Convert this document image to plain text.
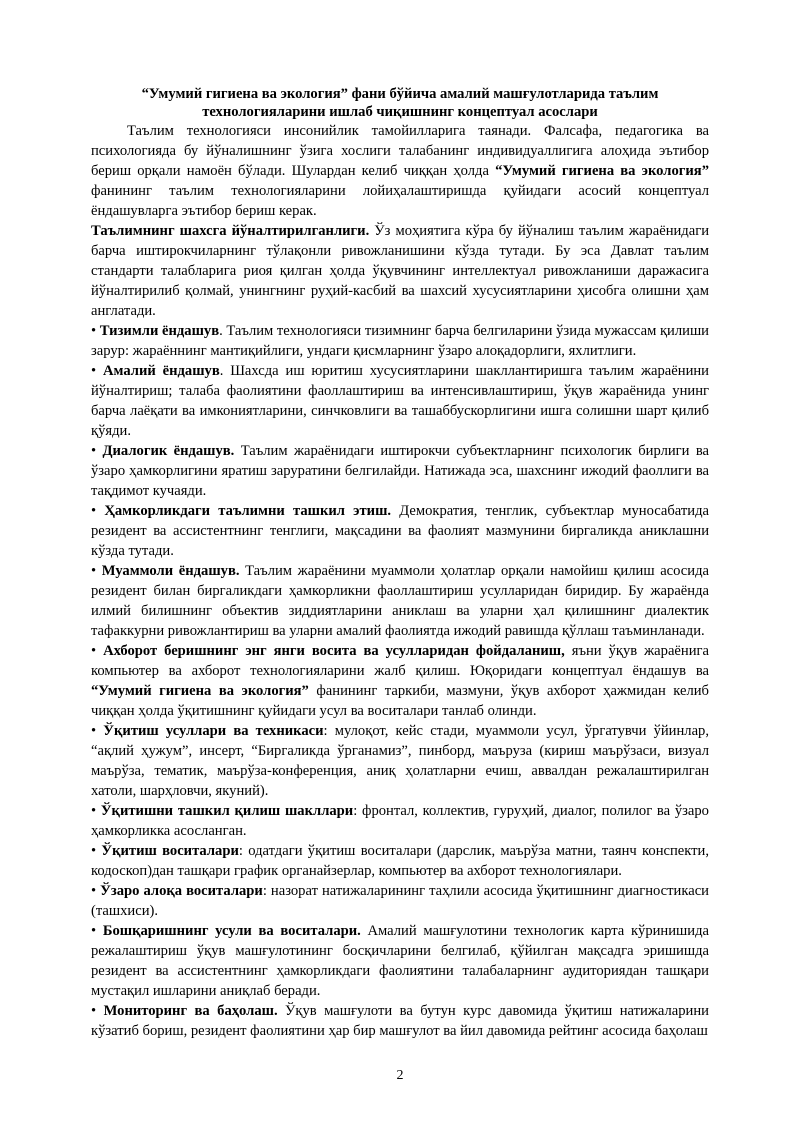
“Умумий гигиена ва экология” фани бўйича амалий машғулотларида таълим
технологияларини ишлаб чиқишнинг концептуал асослари

Таълим технологияси инсонийлик тамойилларига таянади. Фалсафа, педагогика ва психологияда бу йўналишнинг ўзига хослиги талабанинг индивидуаллигига алоҳида эътибор бериш орқали намоён бўлади. Шулардан келиб чиққан ҳолда “Умумий гигиена ва экология” фанининг таълим технологияларини лойиҳалаштиришда қуйидаги асосий концептуал ёндашувларга эътибор бериш керак.

Таълимнинг шахсга йўналтирилганлиги. Ўз моҳиятига кўра бу йўналиш таълим жараёнидаги барча иштирокчиларнинг тўлақонли ривожланишини кўзда тутади. Бу эса Давлат таълим стандарти талабларига риоя қилган ҳолда ўқувчининг интеллектуал ривожланиши даражасига йўналтирилиб қолмай, унингнинг руҳий-касбий ва шахсий хусусиятларини ҳисобга олишни ҳам англатади.

• Тизимли ёндашув. Таълим технологияси тизимнинг барча белгиларини ўзида мужассам қилиши зарур: жараённинг мантиқийлиги, ундаги қисмларнинг ўзаро алоқадорлиги, яхлитлиги.

• Амалий ёндашув. Шахсда иш юритиш хусусиятларини шакллантиришга таълим жараёнини йўналтириш; талаба фаолиятини фаоллаштириш ва интенсивлаштириш, ўқув жараёнида унинг барча лаёқати ва имкониятларини, синчковлиги ва ташаббускорлигини ишга солишни шарт қилиб қўяди.

• Диалогик ёндашув. Таълим жараёнидаги иштирокчи субъектларнинг психологик бирлиги ва ўзаро ҳамкорлигини яратиш заруратини белгилайди. Натижада эса, шахснинг ижодий фаоллиги ва тақдимот кучаяди.

• Ҳамкорликдаги таълимни ташкил этиш. Демократия, тенглик, субъектлар муносабатида резидент ва ассистентнинг тенглиги, мақсадини ва фаолият мазмунини биргаликда аниклашни кўзда тутади.

• Муаммоли ёндашув. Таълим жараёнини муаммоли ҳолатлар орқали намойиш қилиш асосида резидент билан биргаликдаги ҳамкорликни фаоллаштириш усулларидан биридир. Бу жараёнда илмий билишнинг объектив зиддиятларини аниклаш ва уларни ҳал қилишнинг диалектик тафаккурни ривожлантириш ва уларни амалий фаолиятда ижодий равишда қўллаш таъминланади.

• Ахборот беришнинг энг янги восита ва усулларидан фойдаланиш, яъни ўқув жараёнига компьютер ва ахборот технологияларини жалб қилиш. Юқоридаги концептуал ёндашув ва “Умумий гигиена ва экология” фанининг таркиби, мазмуни, ўқув ахборот ҳажмидан келиб чиққан ҳолда ўқитишнинг қуйидаги усул ва воситалари танлаб олинди.

• Ўқитиш усуллари ва техникаси: мулоқот, кейс стади, муаммоли усул, ўргатувчи ўйинлар, “ақлий ҳужум”, инсерт, “Биргаликда ўрганамиз”, пинборд, маъруза (кириш маърўзаси, визуал маърўза, тематик, маърўза-конференция, аниқ ҳолатларни ечиш, аввалдан режалаштирилган хатоли, шарҳловчи, якуний).

• Ўқитишни ташкил қилиш шакллари: фронтал, коллектив, гуруҳий, диалог, полилог ва ўзаро ҳамкорликка асосланган.

• Ўқитиш воситалари: одатдаги ўқитиш воситалари (дарслик, маърўза матни, таянч конспекти, кодоскоп)дан ташқари график органайзерлар, компьютер ва ахборот технологиялари.

• Ўзаро алоқа воситалари: назорат натижаларининг таҳлили асосида ўқитишнинг диагностикаси (ташхиси).

• Бошқаришнинг усули ва воситалари. Амалий машғулотини технологик карта кўринишида режалаштириш ўқув машғулотининг босқичларини белгилаб, қўйилган мақсадга эришишда резидент ва ассистентнинг ҳамкорликдаги фаолиятини талабаларнинг аудиториядан ташқари мустақил ишларини аниқлаб беради.

• Мониторинг ва баҳолаш. Ўқув машғулоти ва бутун курс давомида ўқитиш натижаларини кўзатиб бориш, резидент фаолиятини ҳар бир машғулот ва йил давомида рейтинг асосида баҳолаш

2
